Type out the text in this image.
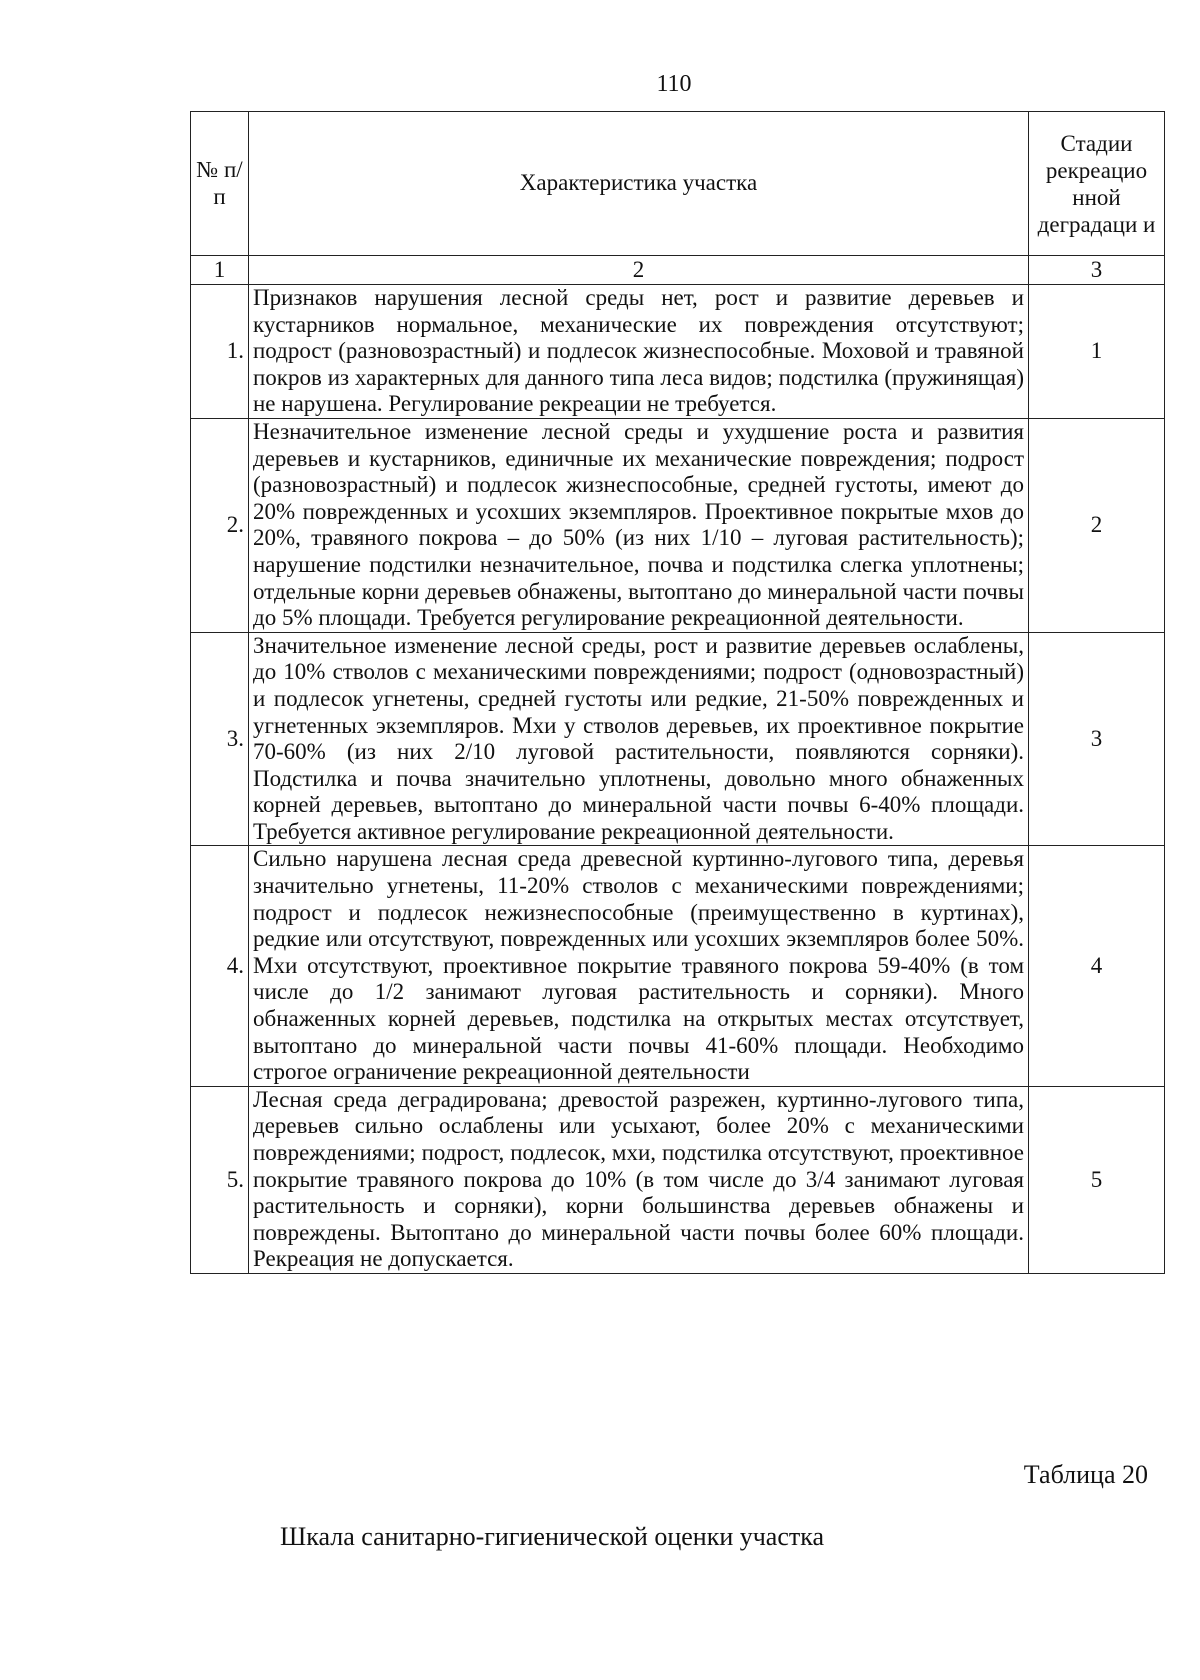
110
№ п/п	Характеристика участка	Стадии рекреацио нной деградаци и
1	2	3
1.	Признаков нарушения лесной среды нет, рост и развитие деревьев и кустарников нормальное, механические их повреждения отсутствуют; подрост (разновозрастный) и подлесок жизнеспособные. Моховой и травяной покров из характерных для данного типа леса видов; подстилка (пружинящая) не нарушена. Регулирование рекреации не требуется.	1
2.	Незначительное изменение лесной среды и ухудшение роста и развития деревьев и кустарников, единичные их механические повреждения; подрост (разновозрастный) и подлесок жизнеспособные, средней густоты, имеют до 20% поврежденных и усохших экземпляров. Проективное покрытые мхов до 20%, травяного покрова – до 50% (из них 1/10 – луговая растительность); нарушение подстилки незначительное, почва и подстилка слегка уплотнены; отдельные корни деревьев обнажены, вытоптано до минеральной части почвы до 5% площади. Требуется регулирование рекреационной деятельности.	2
3.	Значительное изменение лесной среды, рост и развитие деревьев ослаблены, до 10% стволов с механическими повреждениями; подрост (одновозрастный) и подлесок угнетены, средней густоты или редкие, 21-50% поврежденных и угнетенных экземпляров. Мхи у стволов деревьев, их проективное покрытие 70-60% (из них 2/10 луговой растительности, появляются сорняки). Подстилка и почва значительно уплотнены, довольно много обнаженных корней деревьев, вытоптано до минеральной части почвы 6-40% площади. Требуется активное регулирование рекреационной деятельности.	3
4.	Сильно нарушена лесная среда древесной куртинно-лугового типа, деревья значительно угнетены, 11-20% стволов с механическими повреждениями; подрост и подлесок нежизнеспособные (преимущественно в куртинах), редкие или отсутствуют, поврежденных или усохших экземпляров более 50%. Мхи отсутствуют, проективное покрытие травяного покрова 59-40% (в том числе до 1/2 занимают луговая растительность и сорняки). Много обнаженных корней деревьев, подстилка на открытых местах отсутствует, вытоптано до минеральной части почвы 41-60% площади. Необходимо строгое ограничение рекреационной деятельности	4
5.	Лесная среда деградирована; древостой разрежен, куртинно-лугового типа, деревьев сильно ослаблены или усыхают, более 20% с механическими повреждениями; подрост, подлесок, мхи, подстилка отсутствуют, проективное покрытие травяного покрова до 10% (в том числе до 3/4 занимают луговая растительность и сорняки), корни большинства деревьев обнажены и повреждены. Вытоптано до минеральной части почвы более 60% площади. Рекреация не допускается.	5
Таблица 20
Шкала санитарно-гигиенической оценки участка
